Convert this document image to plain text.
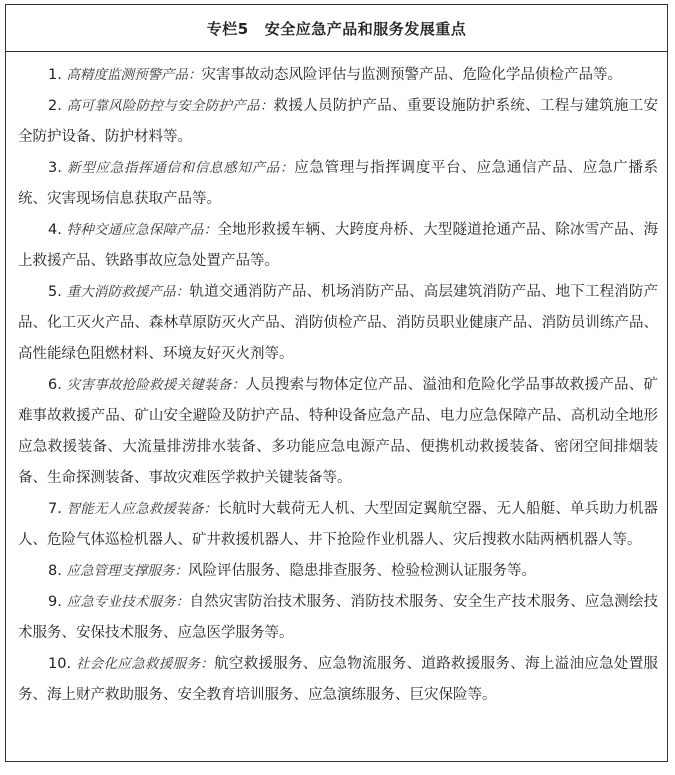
专栏5 安全应急产品和服务发展重点

1. 高精度监测预警产品：灾害事故动态风险评估与监测预警产品、危险化学品侦检产品等。

2. 高可靠风险防控与安全防护产品：救援人员防护产品、重要设施防护系统、工程与建筑施工安全防护设备、防护材料等。

3. 新型应急指挥通信和信息感知产品：应急管理与指挥调度平台、应急通信产品、应急广播系统、灾害现场信息获取产品等。

4. 特种交通应急保障产品：全地形救援车辆、大跨度舟桥、大型隧道抢通产品、除冰雪产品、海上救援产品、铁路事故应急处置产品等。

5. 重大消防救援产品：轨道交通消防产品、机场消防产品、高层建筑消防产品、地下工程消防产品、化工灭火产品、森林草原防灭火产品、消防侦检产品、消防员职业健康产品、消防员训练产品、高性能绿色阻燃材料、环境友好灭火剂等。

6. 灾害事故抢险救援关键装备：人员搜索与物体定位产品、溢油和危险化学品事故救援产品、矿难事故救援产品、矿山安全避险及防护产品、特种设备应急产品、电力应急保障产品、高机动全地形应急救援装备、大流量排涝排水装备、多功能应急电源产品、便携机动救援装备、密闭空间排烟装备、生命探测装备、事故灾难医学救护关键装备等。

7. 智能无人应急救援装备：长航时大载荷无人机、大型固定翼航空器、无人船艇、单兵助力机器人、危险气体巡检机器人、矿井救援机器人、井下抢险作业机器人、灾后搜救水陆两栖机器人等。

8. 应急管理支撑服务：风险评估服务、隐患排查服务、检验检测认证服务等。

9. 应急专业技术服务：自然灾害防治技术服务、消防技术服务、安全生产技术服务、应急测绘技术服务、安保技术服务、应急医学服务等。

10. 社会化应急救援服务：航空救援服务、应急物流服务、道路救援服务、海上溢油应急处置服务、海上财产救助服务、安全教育培训服务、应急演练服务、巨灾保险等。
